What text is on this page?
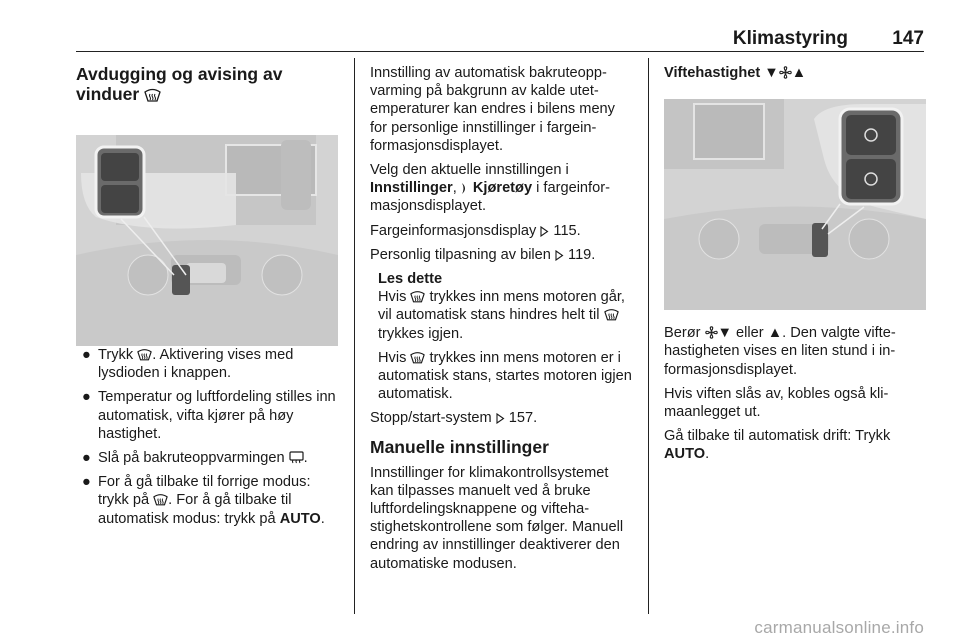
Klimastyring 147
Avdugging og avising av
vinduer
● Trykk . Aktivering vises med lysdioden i knappen.
● Temperatur og luftfordeling stilles inn automatisk, vifta kjører på høy hastighet.
● Slå på bakruteoppvarmingen .
● For å gå tilbake til forrige modus: trykk på . For å gå tilbake til automatisk modus: trykk på AUTO.

Innstilling av automatisk bakruteoppvarming på bakgrunn av kalde utetemperaturer kan endres i bilens meny for personlige innstillinger i fargeinformasjonsdisplayet.

Velg den aktuelle innstillingen i
Innstillinger,  Kjøretøy i fargeinformasjonsdisplayet.

Fargeinformasjonsdisplay  115.

Personlig tilpasning av bilen  119.

Les dette

Hvis  trykkes inn mens motoren går, vil automatisk stans hindres helt til  trykkes igjen.

Hvis  trykkes inn mens motoren er i automatisk stans, startes motoren igjen automatisk.

Stopp/start-system  157.

Manuelle innstillinger

Innstillinger for klimakontrollsystemet kan tilpasses manuelt ved å bruke luftfordelingsknappene og viftehastighetskontrollene som følger. Manuell endring av innstillinger deaktiverer den automatiske modusen.

Viftehastighet ▼ ▲

Berør ▼ eller ▲. Den valgte viftehastigheten vises en liten stund i informasjonsdisplayet.

Hvis viften slås av, kobles også klimaanlegget ut.

Gå tilbake til automatisk drift: Trykk
AUTO.

carmanualsonline.info
